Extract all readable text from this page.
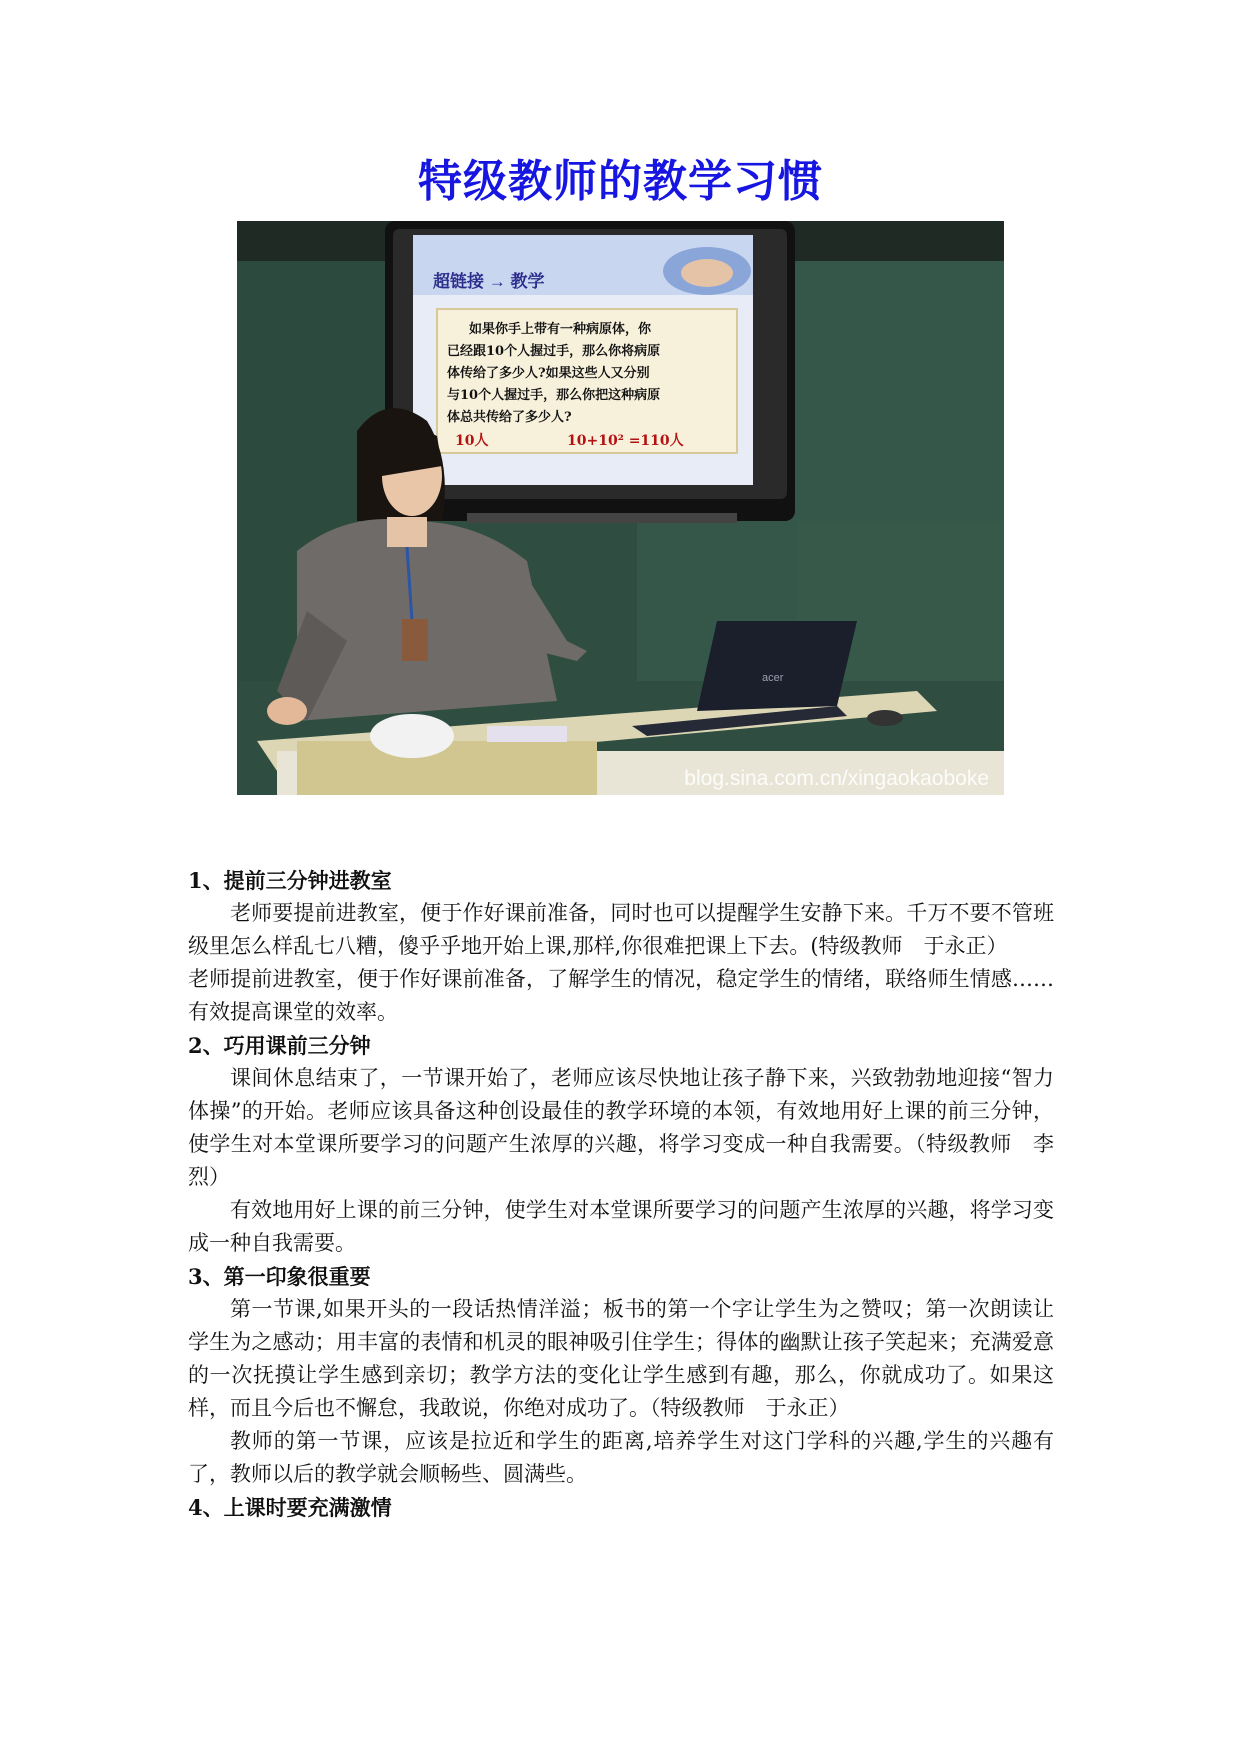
特级教师的教学习惯
超链接 → 教学
如果你手上带有一种病原体，你
已经跟10个人握过手，那么你将病原
体传给了多少人?如果这些人又分别
与10个人握过手，那么你把这种病原
体总共传给了多少人?
10人	10+10² =110人
acer
blog.sina.com.cn/xingaokaoboke

1、提前三分钟进教室

老师要提前进教室，便于作好课前准备，同时也可以提醒学生安静下来。千万不要不管班级里怎么样乱七八糟，傻乎乎地开始上课,那样,你很难把课上下去。(特级教师　于永正）

老师提前进教室，便于作好课前准备，了解学生的情况，稳定学生的情绪，联络师生情感……有效提高课堂的效率。

2、巧用课前三分钟

课间休息结束了，一节课开始了，老师应该尽快地让孩子静下来，兴致勃勃地迎接“智力体操”的开始。老师应该具备这种创设最佳的教学环境的本领，有效地用好上课的前三分钟，使学生对本堂课所要学习的问题产生浓厚的兴趣，将学习变成一种自我需要。（特级教师　李烈）

有效地用好上课的前三分钟，使学生对本堂课所要学习的问题产生浓厚的兴趣，将学习变成一种自我需要。

3、第一印象很重要

第一节课,如果开头的一段话热情洋溢；板书的第一个字让学生为之赞叹；第一次朗读让学生为之感动；用丰富的表情和机灵的眼神吸引住学生；得体的幽默让孩子笑起来；充满爱意的一次抚摸让学生感到亲切；教学方法的变化让学生感到有趣，那么，你就成功了。如果这样，而且今后也不懈怠，我敢说，你绝对成功了。（特级教师　于永正）

教师的第一节课，应该是拉近和学生的距离,培养学生对这门学科的兴趣,学生的兴趣有了，教师以后的教学就会顺畅些、圆满些。

4、上课时要充满激情
